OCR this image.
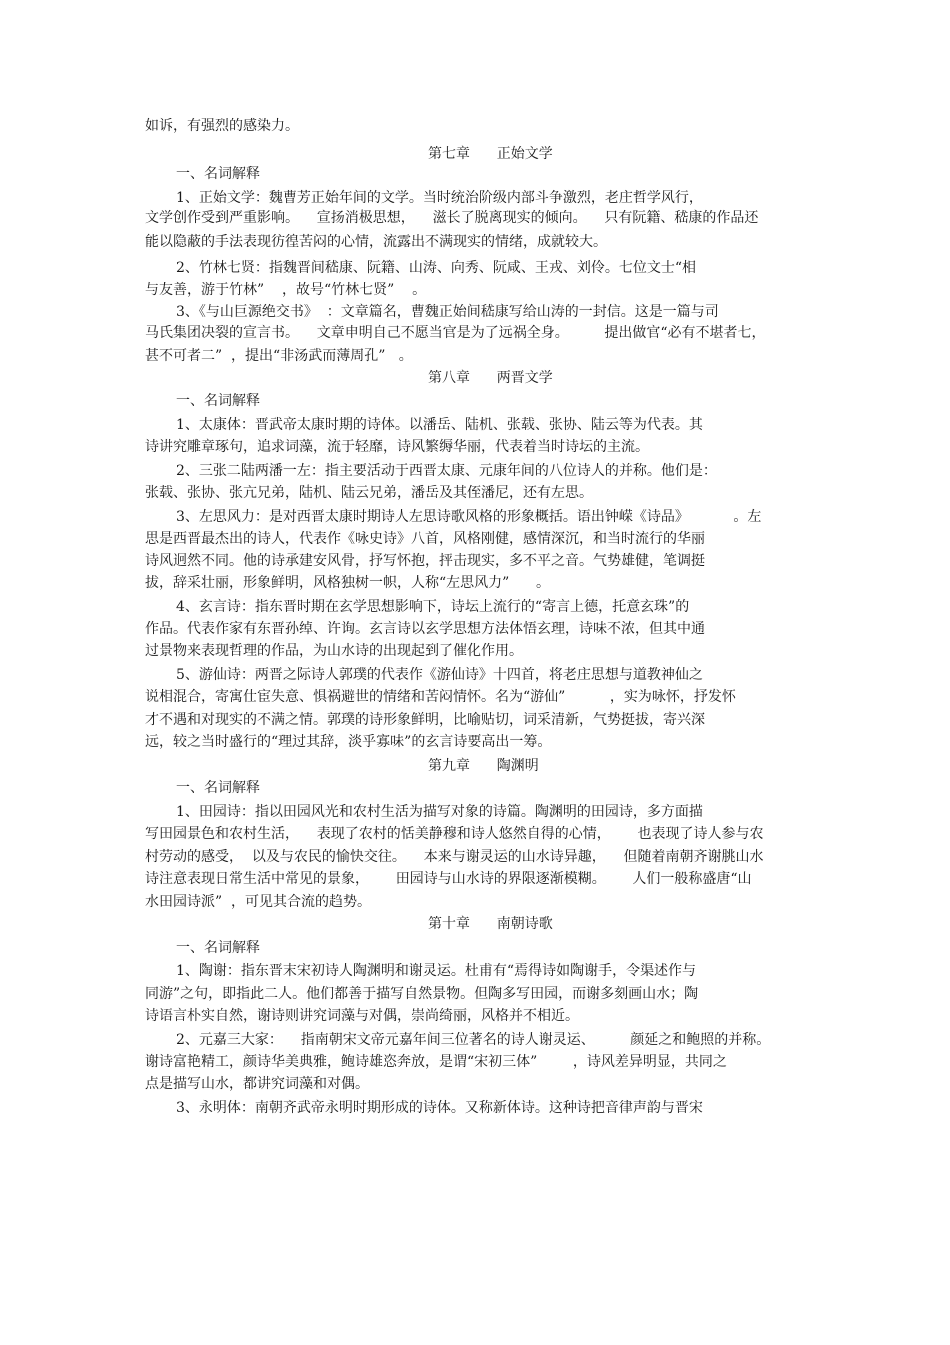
如诉，有强烈的感染力。
第七章      正始文学
一、名词解释
1、正始文学：魏曹芳正始年间的文学。当时统治阶级内部斗争激烈，老庄哲学风行，
文学创作受到严重影响。    宣扬消极思想，    滋长了脱离现实的倾向。    只有阮籍、嵇康的作品还
能以隐蔽的手法表现彷徨苦闷的心情，流露出不满现实的情绪，成就较大。
2、竹林七贤：指魏晋间嵇康、阮籍、山涛、向秀、阮咸、王戎、刘伶。七位文士“相
与友善，游于竹林”    ，故号“竹林七贤”    。
3、《与山巨源绝交书》  ：文章篇名，曹魏正始间嵇康写给山涛的一封信。这是一篇与司
马氏集团决裂的宣言书。    文章申明自己不愿当官是为了远祸全身。        提出做官“必有不堪者七，
甚不可者二”  ，提出“非汤武而薄周孔”   。
第八章      两晋文学
一、名词解释
1、太康体：晋武帝太康时期的诗体。以潘岳、陆机、张载、张协、陆云等为代表。其
诗讲究雕章琢句，追求词藻，流于轻靡，诗风繁缛华丽，代表着当时诗坛的主流。
2、三张二陆两潘一左：指主要活动于西晋太康、元康年间的八位诗人的并称。他们是：
张载、张协、张亢兄弟，陆机、陆云兄弟，潘岳及其侄潘尼，还有左思。
3、左思风力：是对西晋太康时期诗人左思诗歌风格的形象概括。语出钟嵘《诗品》          。左
思是西晋最杰出的诗人，代表作《咏史诗》八首，风格刚健，感情深沉，和当时流行的华丽
诗风迥然不同。他的诗承建安风骨，抒写怀抱，抨击现实，多不平之音。气势雄健，笔调挺
拔，辞采壮丽，形象鲜明，风格独树一帜，人称“左思风力”      。
4、玄言诗：指东晋时期在玄学思想影响下，诗坛上流行的“寄言上德，托意玄珠”的
作品。代表作家有东晋孙绰、许询。玄言诗以玄学思想方法体悟玄理，诗味不浓，但其中通
过景物来表现哲理的作品，为山水诗的出现起到了催化作用。
5、游仙诗：两晋之际诗人郭璞的代表作《游仙诗》十四首，将老庄思想与道教神仙之
说相混合，寄寓仕宦失意、惧祸避世的情绪和苦闷情怀。名为“游仙”          ，实为咏怀，抒发怀
才不遇和对现实的不满之情。郭璞的诗形象鲜明，比喻贴切，词采清新，气势挺拔，寄兴深
远，较之当时盛行的“理过其辞，淡乎寡味”的玄言诗要高出一筹。
第九章      陶渊明
一、名词解释
1、田园诗：指以田园风光和农村生活为描写对象的诗篇。陶渊明的田园诗，多方面描
写田园景色和农村生活，    表现了农村的恬美静穆和诗人悠然自得的心情，      也表现了诗人参与农
村劳动的感受，  以及与农民的愉快交往。    本来与谢灵运的山水诗异趣，    但随着南朝齐谢朓山水
诗注意表现日常生活中常见的景象，      田园诗与山水诗的界限逐渐模糊。      人们一般称盛唐“山
水田园诗派”  ，可见其合流的趋势。
第十章      南朝诗歌
一、名词解释
1、陶谢：指东晋末宋初诗人陶渊明和谢灵运。杜甫有“焉得诗如陶谢手，令渠述作与
同游”之句，即指此二人。他们都善于描写自然景物。但陶多写田园，而谢多刻画山水；陶
诗语言朴实自然，谢诗则讲究词藻与对偶，崇尚绮丽，风格并不相近。
2、元嘉三大家：    指南朝宋文帝元嘉年间三位著名的诗人谢灵运、        颜延之和鲍照的并称。
谢诗富艳精工，颜诗华美典雅，鲍诗雄恣奔放，是谓“宋初三体”        ，诗风差异明显，共同之
点是描写山水，都讲究词藻和对偶。
3、永明体：南朝齐武帝永明时期形成的诗体。又称新体诗。这种诗把音律声韵与晋宋
